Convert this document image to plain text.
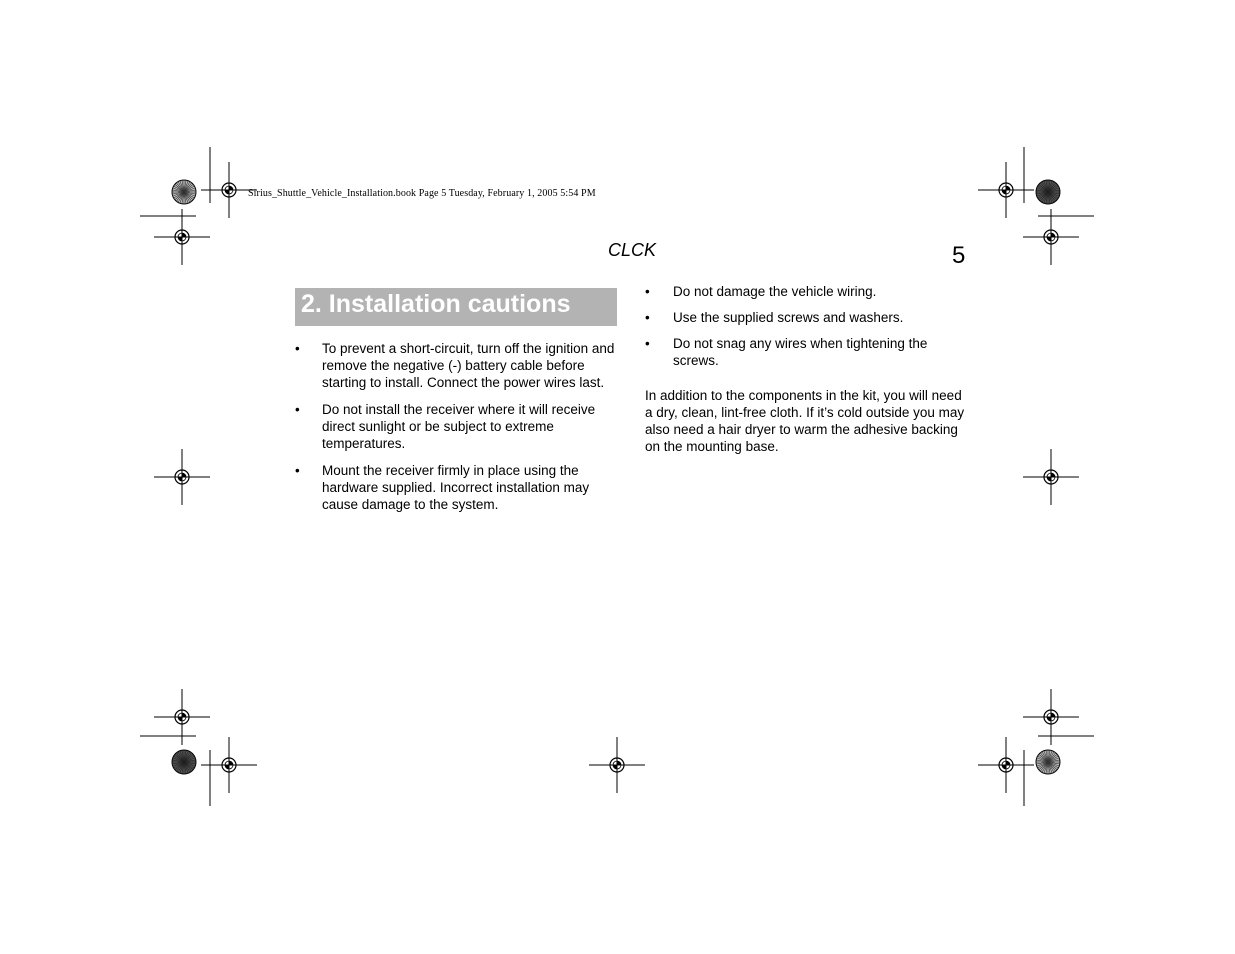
Sirius_Shuttle_Vehicle_Installation.book Page 5 Tuesday, February 1, 2005 5:54 PM
CLCK	5
2. Installation cautions
• To prevent a short-circuit, turn off the ignition and remove the negative (-) battery cable before starting to install. Connect the power wires last.
• Do not install the receiver where it will receive direct sunlight or be subject to extreme temperatures.
• Mount the receiver firmly in place using the hardware supplied. Incorrect installation may cause damage to the system.
• Do not damage the vehicle wiring.
• Use the supplied screws and washers.
• Do not snag any wires when tightening the screws.

In addition to the components in the kit, you will need a dry, clean, lint-free cloth. If it’s cold outside you may also need a hair dryer to warm the adhesive backing on the mounting base.
